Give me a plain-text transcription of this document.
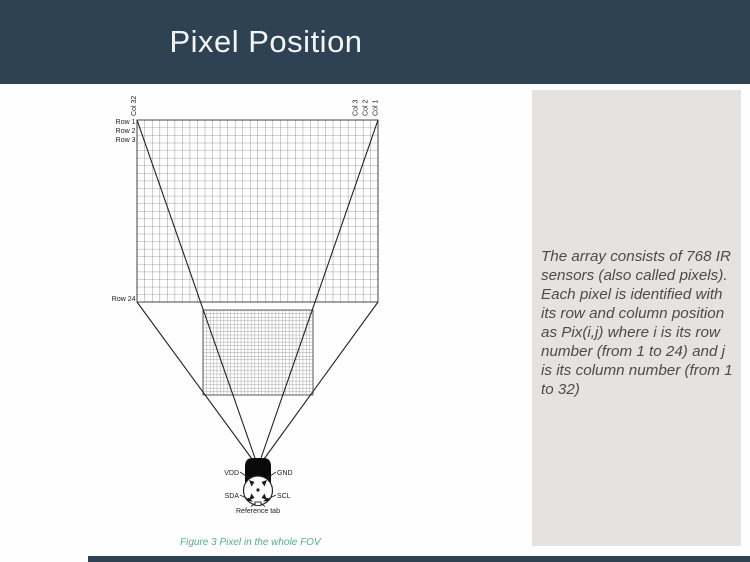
Pixel Position
Col 32	Col 3 Col 2 Col 1
Row 1
Row 2
Row 3
Row 24
VDD	GND
SDA	SCL
Reference tab
Figure 3 Pixel in the whole FOV

The array consists of 768 IR sensors (also called pixels). Each pixel is identified with its row and column position as Pix(i,j) where i is its row number (from 1 to 24) and j is its column number (from 1 to 32)
